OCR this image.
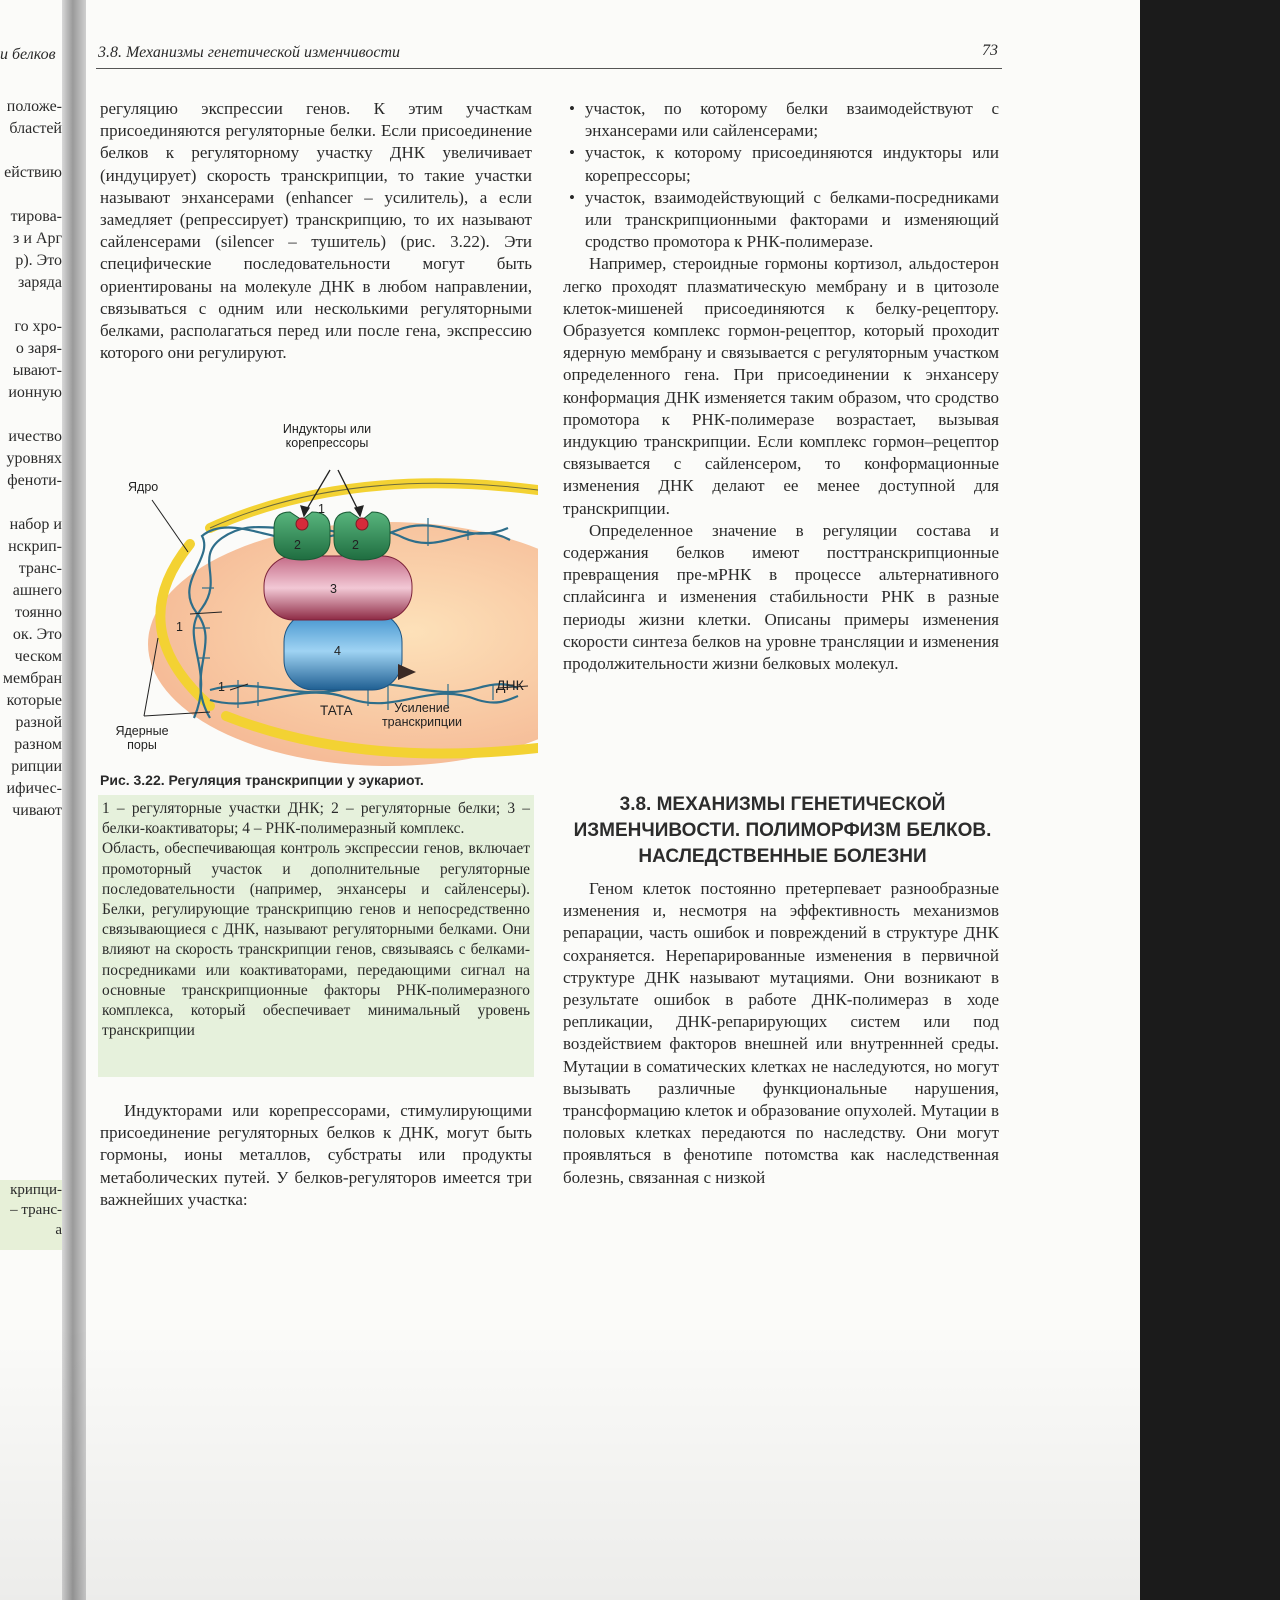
и белков
положе-
бластей
ействию
тирова-
з и Арг
р). Это
заряда
го хро-
о заря-
ывают-
ионную
ичество
уровнях
феноти-
набор и
нскрип-
транс-
ашнего
тоянно
ок. Это
ческом
мембран
которые
разной
разном
рипции
ифичес-
чивают
крипци-
– транс-
а
3.8. Механизмы генетической изменчивости	73

регуляцию экспрессии генов. К этим участкам присоединяются регуляторные белки. Если присоединение белков к регуляторному участку ДНК увеличивает (индуцирует) скорость транскрипции, то такие участки называют энхансерами (enhancer – усилитель), а если замедляет (репрессирует) транскрипцию, то их называют сайленсерами (silencer – тушитель) (рис. 3.22). Эти специфические последовательности могут быть ориентированы на молекуле ДНК в любом направлении, связываться с одним или несколькими регуляторными белками, располагаться перед или после гена, экспрессию которого они регулируют.

Индукторы или корепрессоры
Ядро
ДНК
ТАТА	Усиление транскрипции
Ядерные поры
1
2	2
3
4
1
1
Рис. 3.22. Регуляция транскрипции у эукариот.

1 – регуляторные участки ДНК; 2 – регуляторные белки; 3 – белки-коактиваторы; 4 – РНК-полимеразный комплекс.

Область, обеспечивающая контроль экспрессии генов, включает промоторный участок и дополнительные регуляторные последовательности (например, энхансеры и сайленсеры). Белки, регулирующие транскрипцию генов и непосредственно связывающиеся с ДНК, называют регуляторными белками. Они влияют на скорость транскрипции генов, связываясь с белками-посредниками или коактиваторами, передающими сигнал на основные транскрипционные факторы РНК-полимеразного комплекса, который обеспечивает минимальный уровень транскрипции

Индукторами или корепрессорами, стимулирующими присоединение регуляторных белков к ДНК, могут быть гормоны, ионы металлов, субстраты или продукты метаболических путей. У белков-регуляторов имеется три важнейших участка:

• участок, по которому белки взаимодействуют с энхансерами или сайленсерами;
• участок, к которому присоединяются индукторы или корепрессоры;
• участок, взаимодействующий с белками-посредниками или транскрипционными факторами и изменяющий сродство промотора к РНК-полимеразе.

Например, стероидные гормоны кортизол, альдостерон легко проходят плазматическую мембрану и в цитозоле клеток-мишеней присоединяются к белку-рецептору. Образуется комплекс гормон-рецептор, который проходит ядерную мембрану и связывается с регуляторным участком определенного гена. При присоединении к энхансеру конформация ДНК изменяется таким образом, что сродство промотора к РНК-полимеразе возрастает, вызывая индукцию транскрипции. Если комплекс гормон–рецептор связывается с сайленсером, то конформационные изменения ДНК делают ее менее доступной для транскрипции.

Определенное значение в регуляции состава и содержания белков имеют посттранскрипционные превращения пре-мРНК в процессе альтернативного сплайсинга и изменения стабильности РНК в разные периоды жизни клетки. Описаны примеры изменения скорости синтеза белков на уровне трансляции и изменения продолжительности жизни белковых молекул.

3.8. МЕХАНИЗМЫ ГЕНЕТИЧЕСКОЙ ИЗМЕНЧИВОСТИ. ПОЛИМОРФИЗМ БЕЛКОВ. НАСЛЕДСТВЕННЫЕ БОЛЕЗНИ

Геном клеток постоянно претерпевает разнообразные изменения и, несмотря на эффективность механизмов репарации, часть ошибок и повреждений в структуре ДНК сохраняется. Нерепарированные изменения в первичной структуре ДНК называют мутациями. Они возникают в результате ошибок в работе ДНК-полимераз в ходе репликации, ДНК-репарирующих систем или под воздействием факторов внешней или внутреннней среды. Мутации в соматических клетках не наследуются, но могут вызывать различные функциональные нарушения, трансформацию клеток и образование опухолей. Мутации в половых клетках передаются по наследству. Они могут проявляться в фенотипе потомства как наследственная болезнь, связанная с низкой
